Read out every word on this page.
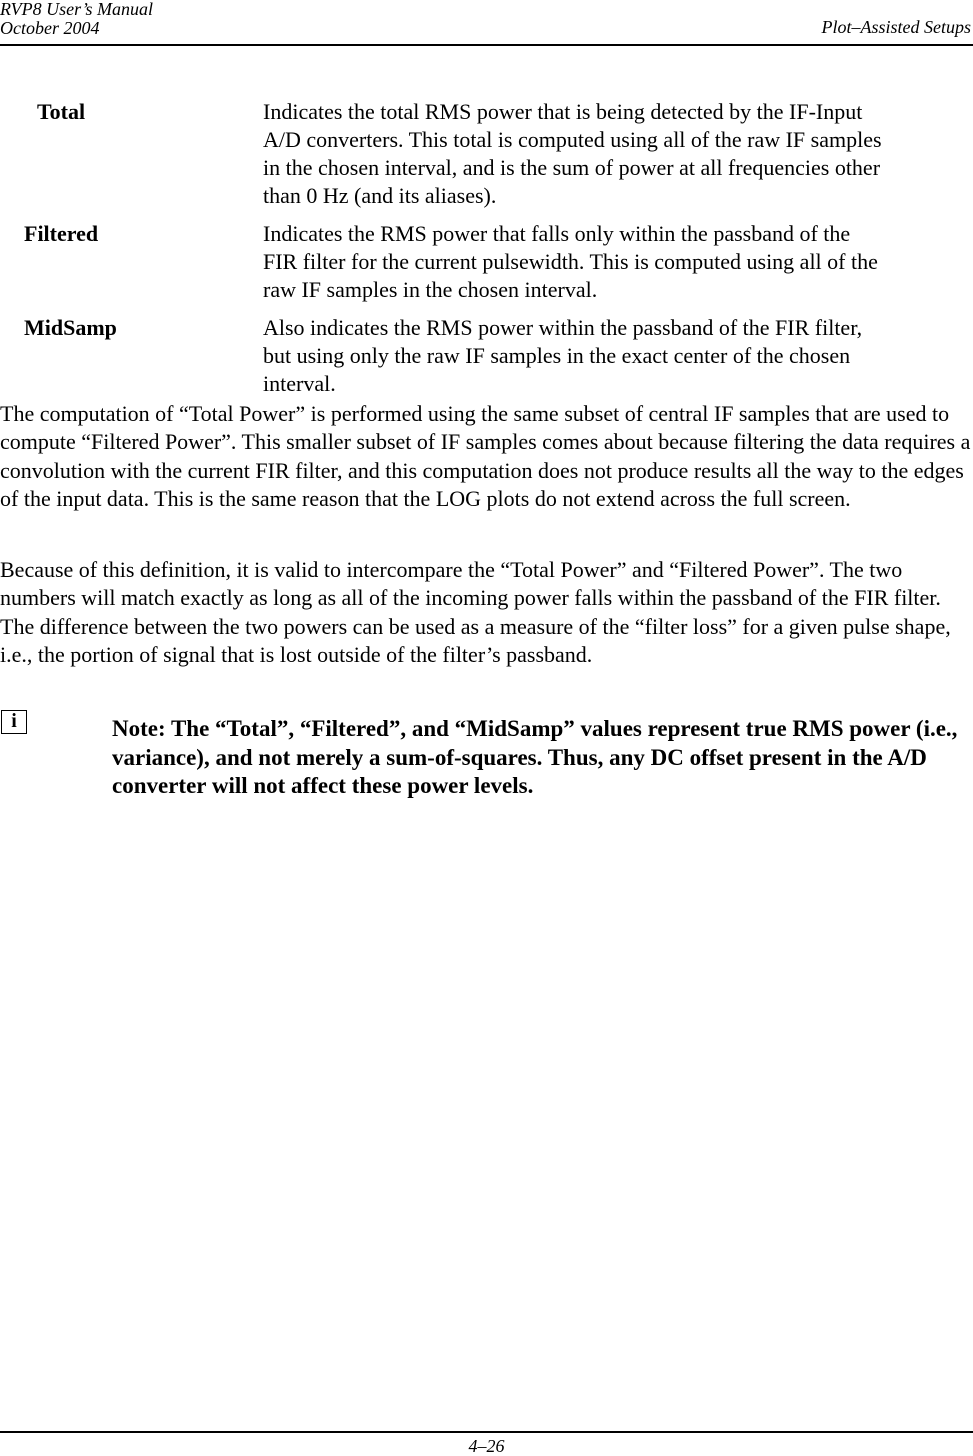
RVP8 User’s Manual
October 2004	Plot–Assisted Setups
Total	Indicates the total RMS power that is being detected by the IF-Input
A/D converters. This total is computed using all of the raw IF samples
in the chosen interval, and is the sum of power at all frequencies other
than 0 Hz (and its aliases).
Filtered	Indicates the RMS power that falls only within the passband of the
FIR filter for the current pulsewidth. This is computed using all of the
raw IF samples in the chosen interval.
MidSamp	Also indicates the RMS power within the passband of the FIR filter,
but using only the raw IF samples in the exact center of the chosen
interval.
The computation of “Total Power” is performed using the same subset of central IF samples that are used to compute “Filtered Power”. This smaller subset of IF samples comes about because filtering the data requires a convolution with the current FIR filter, and this computation does not produce results all the way to the edges of the input data. This is the same reason that the LOG plots do not extend across the full screen.
Because of this definition, it is valid to intercompare the “Total Power” and “Filtered Power”. The two numbers will match exactly as long as all of the incoming power falls within the passband of the FIR filter. The difference between the two powers can be used as a measure of the “filter loss” for a given pulse shape, i.e., the portion of signal that is lost outside of the filter’s passband.
i	Note: The “Total”, “Filtered”, and “MidSamp” values represent true RMS power (i.e., variance), and not merely a sum-of-squares. Thus, any DC offset present in the A/D converter will not affect these power levels.
4–26
